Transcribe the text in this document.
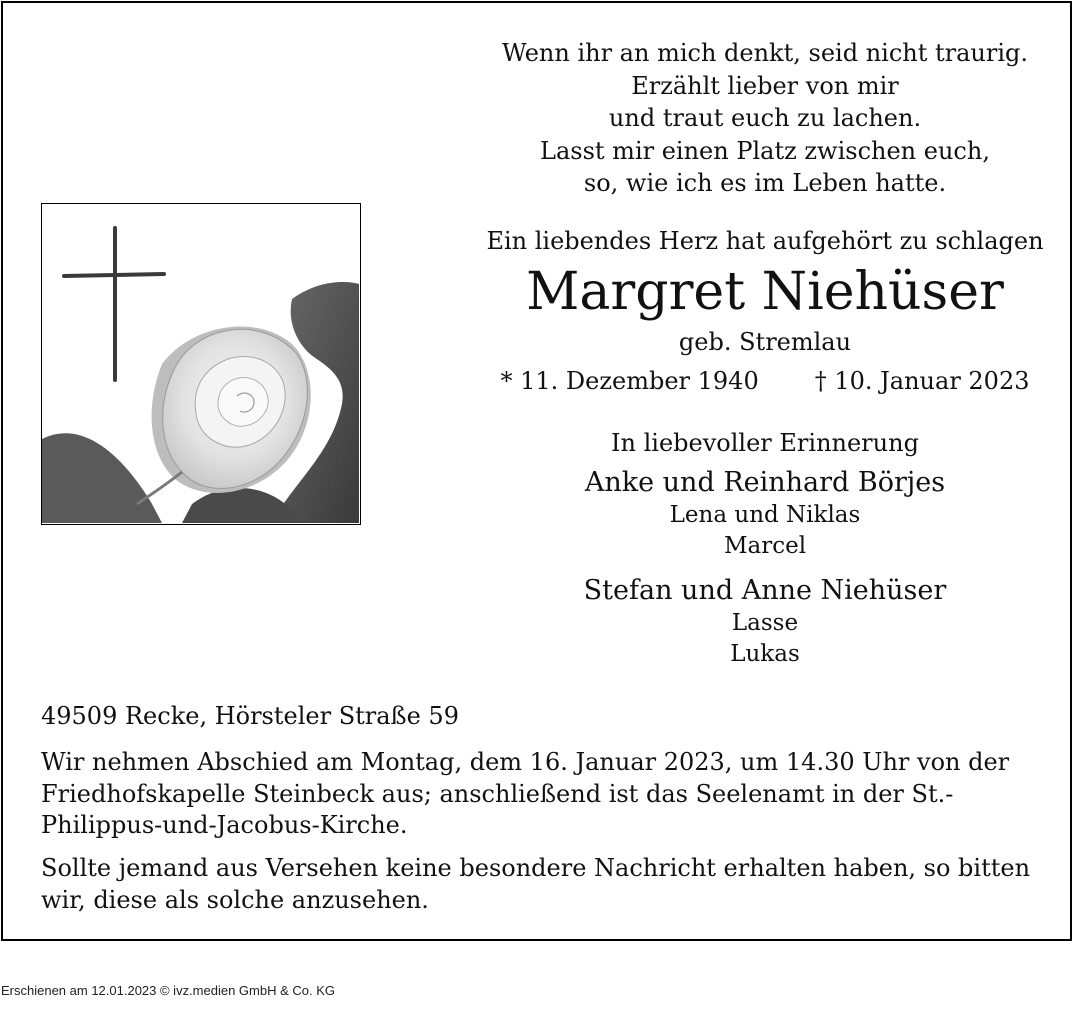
Wenn ihr an mich denkt, seid nicht traurig.
Erzählt lieber von mir
und traut euch zu lachen.
Lasst mir einen Platz zwischen euch,
so, wie ich es im Leben hatte.
Ein liebendes Herz hat aufgehört zu schlagen
Margret Niehüser
geb. Stremlau
* 11. Dezember 1940 † 10. Januar 2023
In liebevoller Erinnerung
Anke und Reinhard Börjes
Lena und Niklas
Marcel
Stefan und Anne Niehüser
Lasse
Lukas
49509 Recke, Hörsteler Straße 59
Wir nehmen Abschied am Montag, dem 16. Januar 2023, um 14.30 Uhr von der Friedhofskapelle Steinbeck aus; anschließend ist das Seelenamt in der St.-Philippus-und-Jacobus-Kirche.
Sollte jemand aus Versehen keine besondere Nachricht erhalten haben, so bitten wir, diese als solche anzusehen.
Erschienen am 12.01.2023 © ivz.medien GmbH & Co. KG
